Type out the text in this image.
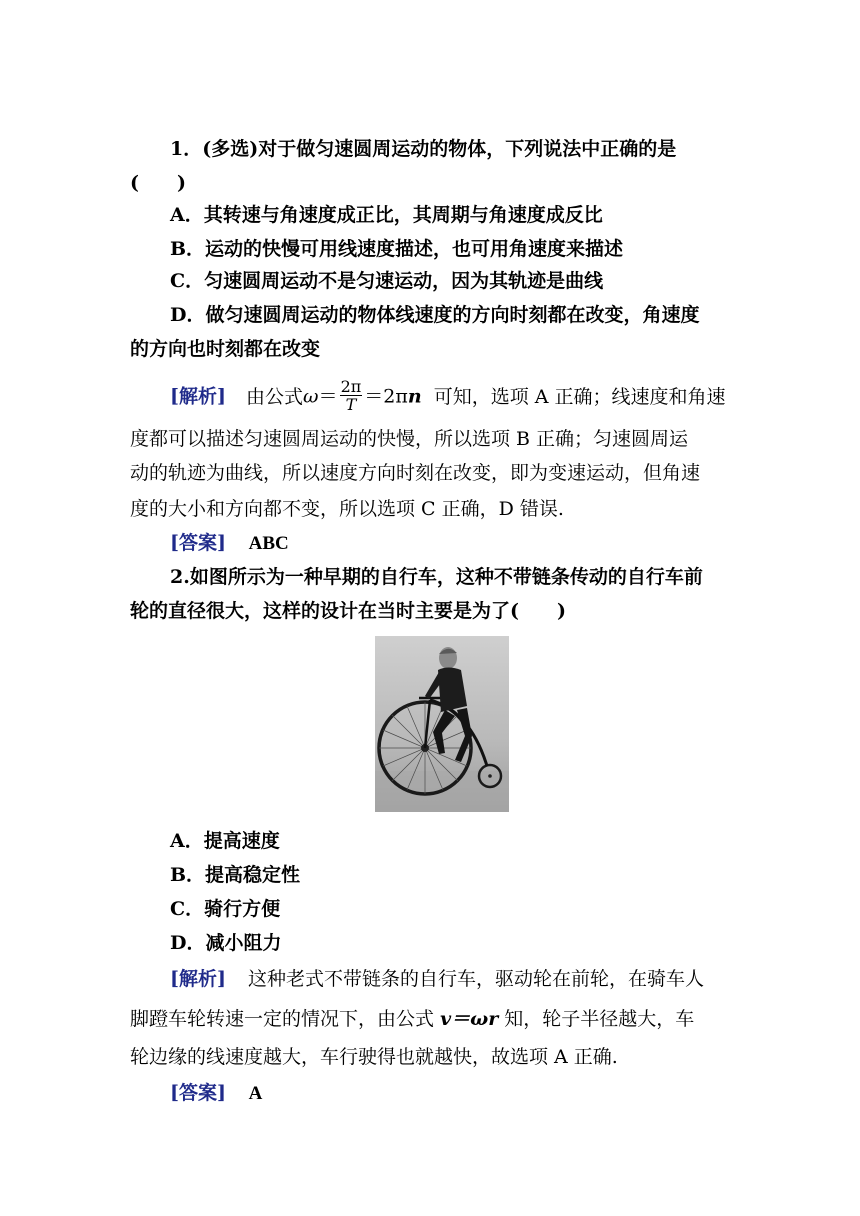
1．(多选)对于做匀速圆周运动的物体，下列说法中正确的是
(　　)
A．其转速与角速度成正比，其周期与角速度成反比
B．运动的快慢可用线速度描述，也可用角速度来描述
C．匀速圆周运动不是匀速运动，因为其轨迹是曲线
D．做匀速圆周运动的物体线速度的方向时刻都在改变，角速度
的方向也时刻都在改变
[解析] 由公式$\omega= \frac{2\pi}{T} =2\pi n$ 可知，选项 A 正确；线速度和角速
度都可以描述匀速圆周运动的快慢，所以选项 B 正确；匀速圆周运
动的轨迹为曲线，所以速度方向时刻在改变，即为变速运动，但角速
度的大小和方向都不变，所以选项 C 正确，D 错误.
[答案] ABC
2.如图所示为一种早期的自行车，这种不带链条传动的自行车前
轮的直径很大，这样的设计在当时主要是为了(　　)
A．提高速度
B．提高稳定性
C．骑行方便
D．减小阻力
[解析] 这种老式不带链条的自行车，驱动轮在前轮，在骑车人
脚蹬车轮转速一定的情况下，由公式 v＝ωr 知，轮子半径越大，车
轮边缘的线速度越大，车行驶得也就越快，故选项 A 正确.
[答案] A
